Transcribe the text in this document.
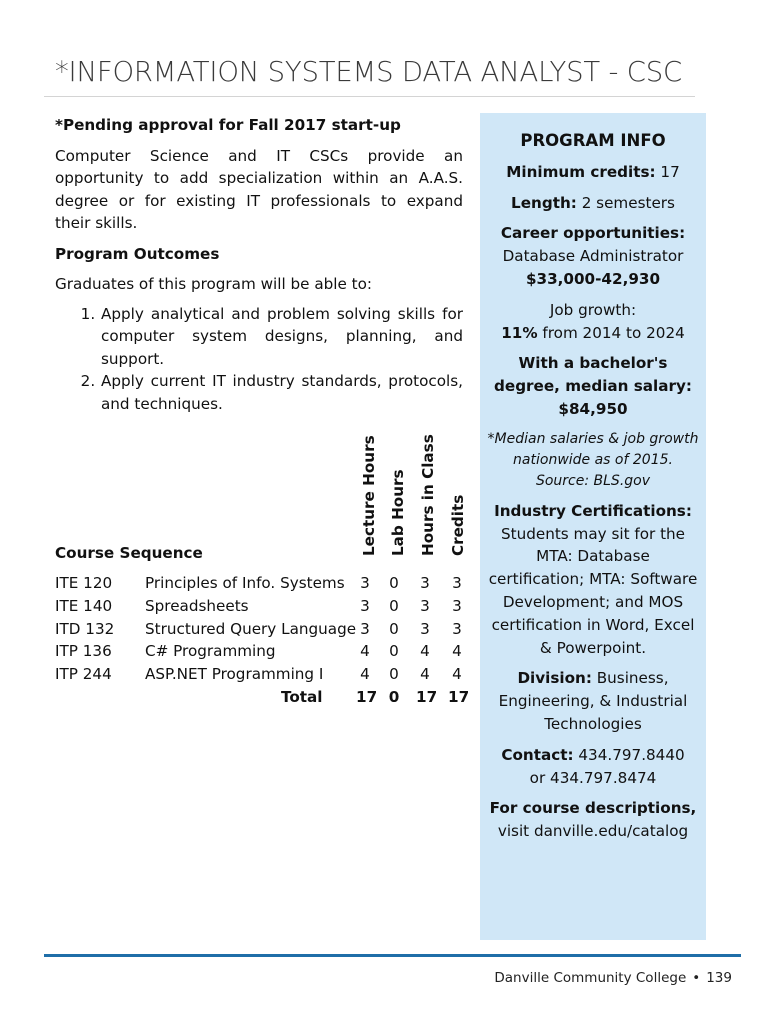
*INFORMATION SYSTEMS DATA ANALYST - CSC

*Pending approval for Fall 2017 start-up

Computer Science and IT CSCs provide an opportunity to add specialization within an A.A.S. degree or for existing IT professionals to expand their skills.

Program Outcomes

Graduates of this program will be able to:

1. Apply analytical and problem solving skills for computer system designs, planning, and support.
2. Apply current IT industry standards, protocols, and techniques.
Lecture Hours Lab Hours Hours in Class Credits
Course Sequence
ITE 120 Principles of Info. Systems 3 0 3 3
ITE 140 Spreadsheets	3 0 3 3
ITD 132 Structured Query Language 3 0 3 3
ITP 136 C# Programming	4 0 4 4
ITP 244 ASP.NET Programming I 4 0 4 4
Total 17 0 17 17
PROGRAM INFO

Minimum credits: 17

Length: 2 semesters

Career opportunities:
Database Administrator
$33,000-42,930

Job growth:
11% from 2014 to 2024

With a bachelor's degree, median salary:
$84,950

*Median salaries & job growth nationwide as of 2015. Source: BLS.gov

Industry Certifications:
Students may sit for the MTA: Database certification; MTA: Software Development; and MOS certification in Word, Excel & Powerpoint.

Division: Business, Engineering, & Industrial Technologies

Contact: 434.797.8440
or 434.797.8474

For course descriptions,
visit danville.edu/catalog

Danville Community College • 139
